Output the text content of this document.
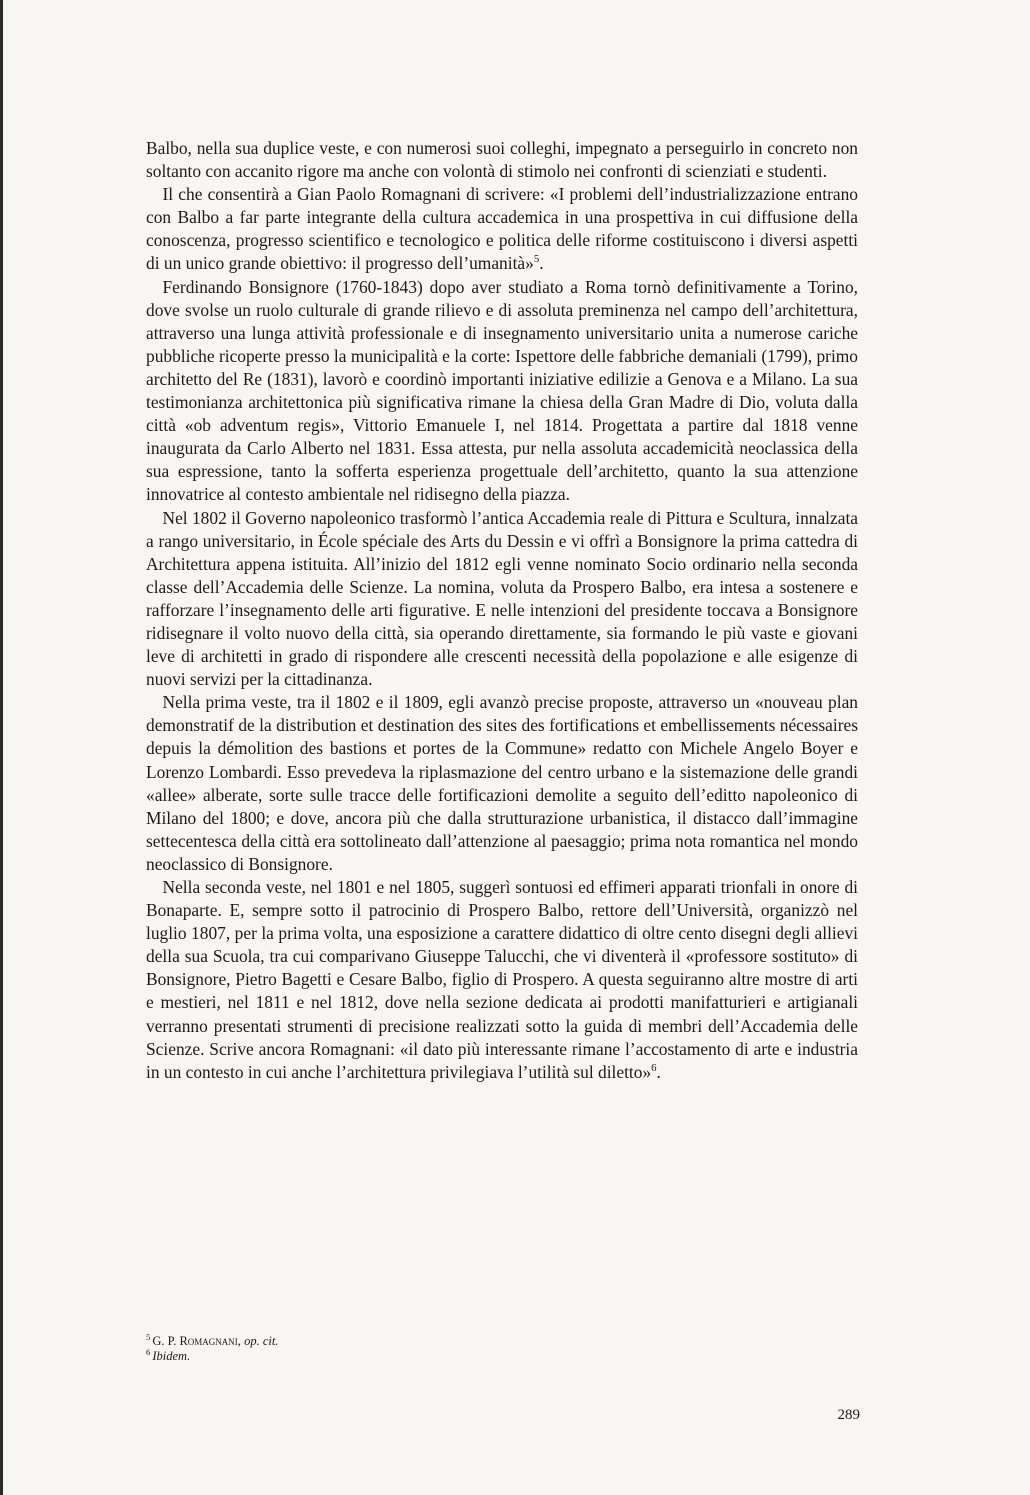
Balbo, nella sua duplice veste, e con numerosi suoi colleghi, impegnato a perseguirlo in concreto non soltanto con accanito rigore ma anche con volontà di stimolo nei confronti di scienziati e studenti.

Il che consentirà a Gian Paolo Romagnani di scrivere: «I problemi dell’industrializzazione entrano con Balbo a far parte integrante della cultura accademica in una prospettiva in cui diffusione della conoscenza, progresso scientifico e tecnologico e politica delle riforme costituiscono i diversi aspetti di un unico grande obiettivo: il progresso dell’umanità»$^5$.

Ferdinando Bonsignore (1760-1843) dopo aver studiato a Roma tornò definitivamente a Torino, dove svolse un ruolo culturale di grande rilievo e di assoluta preminenza nel campo dell’architettura, attraverso una lunga attività professionale e di insegnamento universitario unita a numerose cariche pubbliche ricoperte presso la municipalità e la corte: Ispettore delle fabbriche demaniali (1799), primo architetto del Re (1831), lavorò e coordinò importanti iniziative edilizie a Genova e a Milano. La sua testimonianza architettonica più significativa rimane la chiesa della Gran Madre di Dio, voluta dalla città «ob adventum regis», Vittorio Emanuele I, nel 1814. Progettata a partire dal 1818 venne inaugurata da Carlo Alberto nel 1831. Essa attesta, pur nella assoluta accademicità neoclassica della sua espressione, tanto la sofferta esperienza progettuale dell’architetto, quanto la sua attenzione innovatrice al contesto ambientale nel ridisegno della piazza.

Nel 1802 il Governo napoleonico trasformò l’antica Accademia reale di Pittura e Scultura, innalzata a rango universitario, in École spéciale des Arts du Dessin e vi offrì a Bonsignore la prima cattedra di Architettura appena istituita. All’inizio del 1812 egli venne nominato Socio ordinario nella seconda classe dell’Accademia delle Scienze. La nomina, voluta da Prospero Balbo, era intesa a sostenere e rafforzare l’insegnamento delle arti figurative. E nelle intenzioni del presidente toccava a Bonsignore ridisegnare il volto nuovo della città, sia operando direttamente, sia formando le più vaste e giovani leve di architetti in grado di rispondere alle crescenti necessità della popolazione e alle esigenze di nuovi servizi per la cittadinanza.

Nella prima veste, tra il 1802 e il 1809, egli avanzò precise proposte, attraverso un «nouveau plan demonstratif de la distribution et destination des sites des fortifications et embellissements nécessaires depuis la démolition des bastions et portes de la Commune» redatto con Michele Angelo Boyer e Lorenzo Lombardi. Esso prevedeva la riplasmazione del centro urbano e la sistemazione delle grandi «allee» alberate, sorte sulle tracce delle fortificazioni demolite a seguito dell’editto napoleonico di Milano del 1800; e dove, ancora più che dalla strutturazione urbanistica, il distacco dall’immagine settecentesca della città era sottolineato dall’attenzione al paesaggio; prima nota romantica nel mondo neoclassico di Bonsignore.

Nella seconda veste, nel 1801 e nel 1805, suggerì sontuosi ed effimeri apparati trionfali in onore di Bonaparte. E, sempre sotto il patrocinio di Prospero Balbo, rettore dell’Università, organizzò nel luglio 1807, per la prima volta, una esposizione a carattere didattico di oltre cento disegni degli allievi della sua Scuola, tra cui comparivano Giuseppe Talucchi, che vi diventerà il «professore sostituto» di Bonsignore, Pietro Bagetti e Cesare Balbo, figlio di Prospero. A questa seguiranno altre mostre di arti e mestieri, nel 1811 e nel 1812, dove nella sezione dedicata ai prodotti manifatturieri e artigianali verranno presentati strumenti di precisione realizzati sotto la guida di membri dell’Accademia delle Scienze. Scrive ancora Romagnani: «il dato più interessante rimane l’accostamento di arte e industria in un contesto in cui anche l’architettura privilegiava l’utilità sul diletto»$^6$.

$^5$ G. P. Romagnani, op. cit.

$^6$ Ibidem.

289
